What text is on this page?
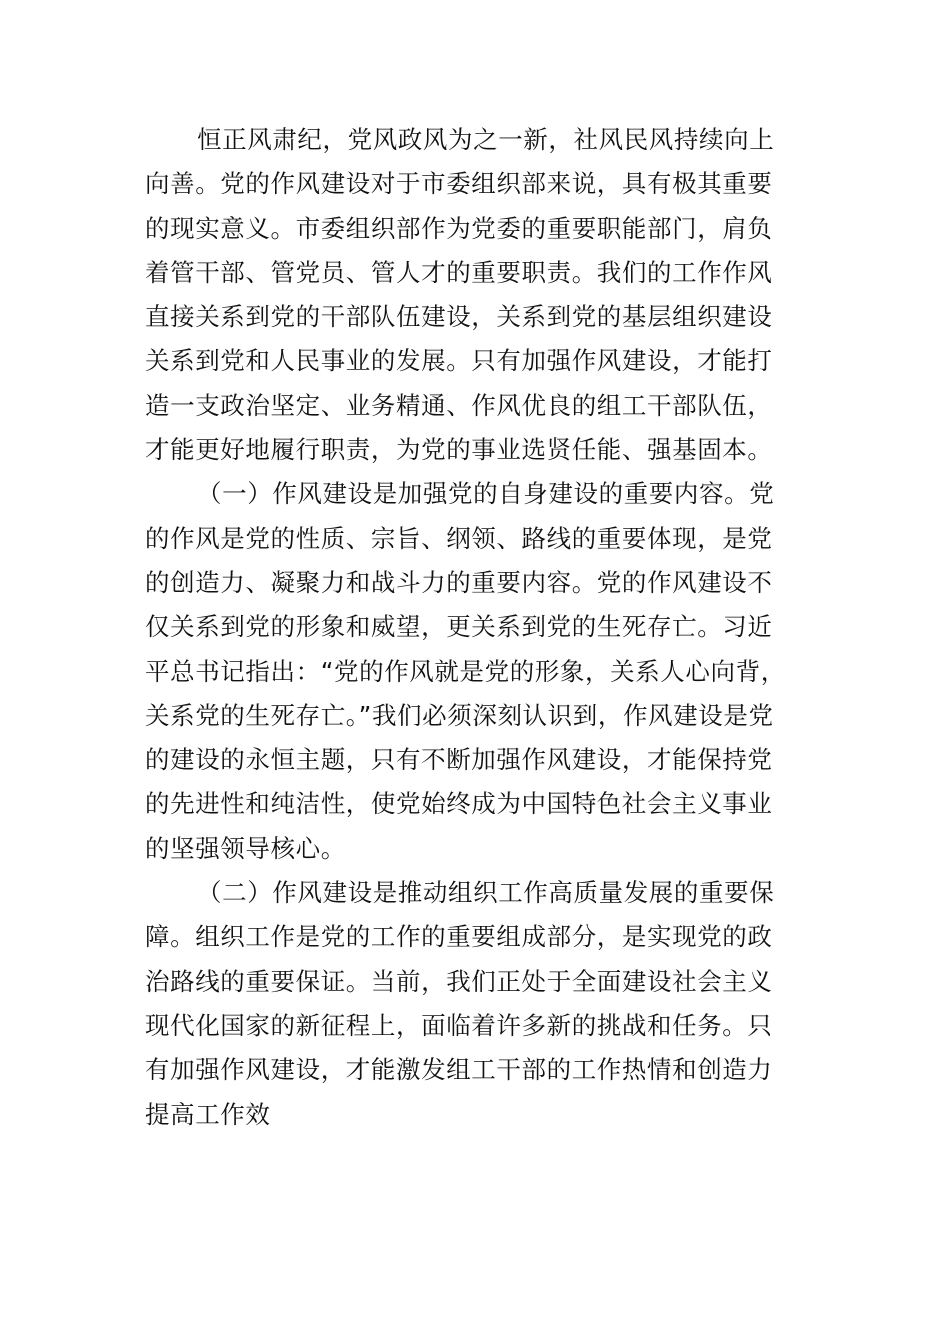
恒正风肃纪，党风政风为之一新，社风民风持续向上
向善。党的作风建设对于市委组织部来说，具有极其重要
的现实意义。市委组织部作为党委的重要职能部门，肩负
着管干部、管党员、管人才的重要职责。我们的工作作风
直接关系到党的干部队伍建设，关系到党的基层组织建设
关系到党和人民事业的发展。只有加强作风建设，才能打
造一支政治坚定、业务精通、作风优良的组工干部队伍，
才能更好地履行职责，为党的事业选贤任能、强基固本。
（一）作风建设是加强党的自身建设的重要内容。党
的作风是党的性质、宗旨、纲领、路线的重要体现，是党
的创造力、凝聚力和战斗力的重要内容。党的作风建设不
仅关系到党的形象和威望，更关系到党的生死存亡。习近
平总书记指出：“党的作风就是党的形象，关系人心向背，
关系党的生死存亡。”我们必须深刻认识到，作风建设是党
的建设的永恒主题，只有不断加强作风建设，才能保持党
的先进性和纯洁性，使党始终成为中国特色社会主义事业
的坚强领导核心。
（二）作风建设是推动组织工作高质量发展的重要保
障。组织工作是党的工作的重要组成部分，是实现党的政
治路线的重要保证。当前，我们正处于全面建设社会主义
现代化国家的新征程上，面临着许多新的挑战和任务。只
有加强作风建设，才能激发组工干部的工作热情和创造力
提高工作效
